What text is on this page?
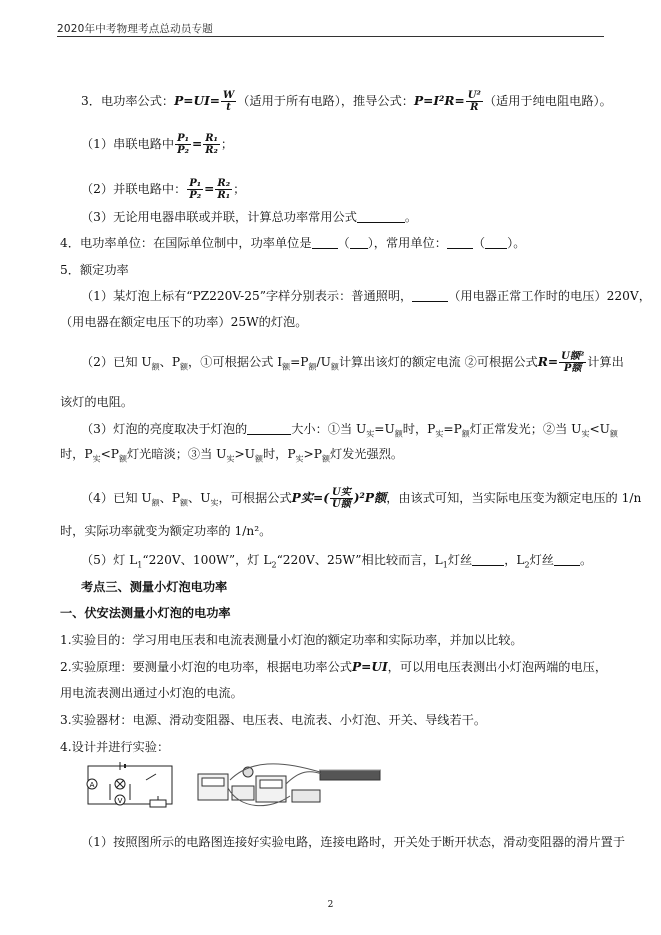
2020年中考物理考点总动员专题
3．电功率公式：$P=UI= \frac{W}{t}$ （适用于所有电路），推导公式：$P=I^2R= \frac{\text{U²}}{R}$ （适用于纯电阻电路）。
（1）串联电路中 $\frac{\text{P₁}}{\text{P₂}} = \frac{\text{R₁}}{\text{R₂}}$ ；
（2）并联电路中： $\frac{\text{P₁}}{\text{P₂}} = \frac{\text{R₂}}{\text{R₁}}$ ；
（3）无论用电器串联或并联，计算总功率常用公式	。
4．电功率单位：在国际单位制中，功率单位是 （ ），常用单位： （ ）。
5．额定功率
（1）某灯泡上标有“PZ220V-25”字样分别表示：普通照明，	（用电器正常工作时的电压）220V，
（用电器在额定电压下的功率）25W的灯泡。
（2）已知 $U_额$、$P_额$，①可根据公式 $I_额=P_额/U_额$计算出该灯的额定电流 ②可根据公式$R= \frac{\text{U额²}}{\text{P额}}$ 计算出
该灯的电阻。
（3）灯泡的亮度取决于灯泡的	大小：①当 $U_实=U_额$时，$P_实=P_额$灯正常发光；②当 $U_实<U_额$
时，$P_实<P_额$灯光暗淡；③当 $U_实>U_额$时，$P_实>P_额$灯发光强烈。
（4）已知 $U_额$、$P_额$、$U_实$，可根据公式P实=( $\frac{\text{U实}}{\text{U额}} )^2P$额，由该式可知，当实际电压变为额定电压的 1/n
时，实际功率就变为额定功率的 1/n²。
（5）灯 $L_1“220V$、100W”，灯 $L_2“220V$、25W”相比较而言，$L_1$灯丝	，$L_2$灯丝 。
考点三、测量小灯泡电功率
一、伏安法测量小灯泡的电功率
1.实验目的：学习用电压表和电流表测量小灯泡的额定功率和实际功率，并加以比较。
2.实验原理：要测量小灯泡的电功率，根据电功率公式P=UI，可以用电压表测出小灯泡两端的电压，
用电流表测出通过小灯泡的电流。
3.实验器材：电源、滑动变阻器、电压表、电流表、小灯泡、开关、导线若干。
4.设计并进行实验：
A
V
（1）按照图所示的电路图连接好实验电路，连接电路时，开关处于断开状态，滑动变阻器的滑片置于
2
